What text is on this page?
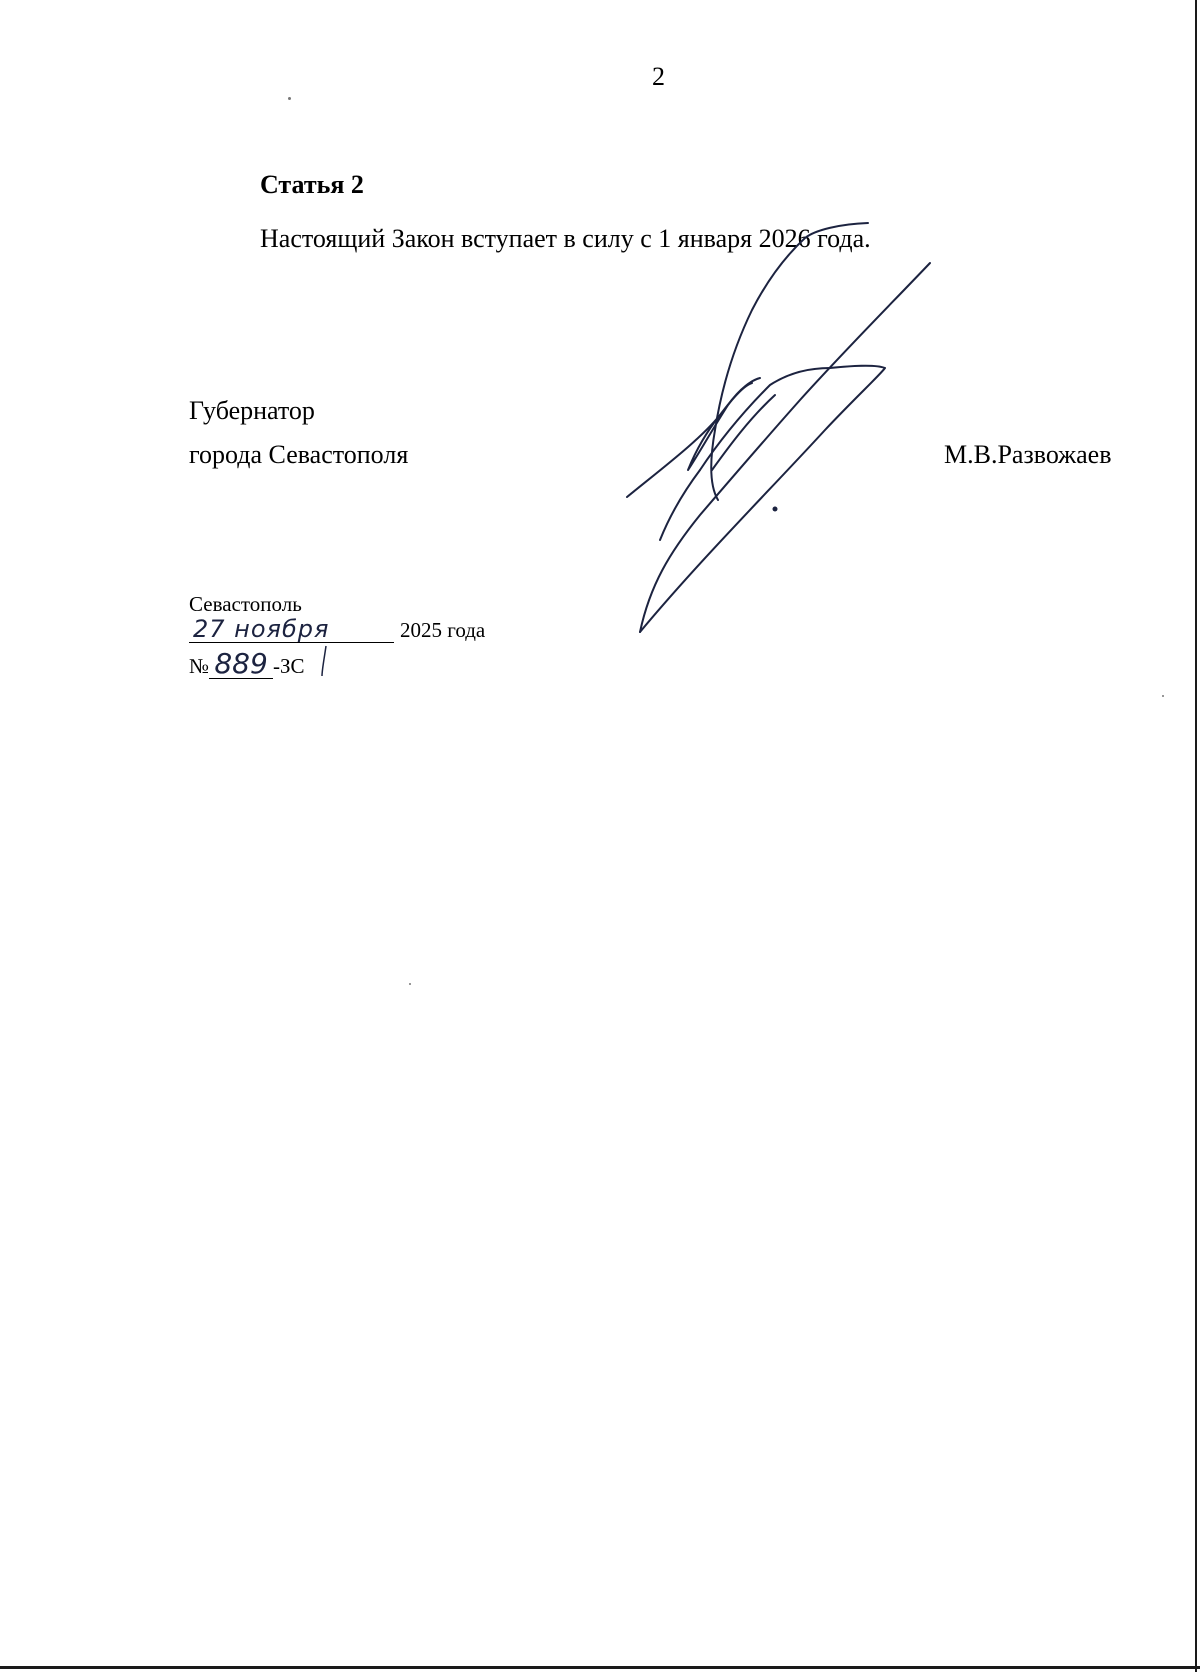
2
Статья 2
Настоящий Закон вступает в силу с 1 января 2026 года.
Губернатор
города Севастополя	М.В.Развожаев
Севастополь
27 ноября	2025 года
№ 889 -ЗС
